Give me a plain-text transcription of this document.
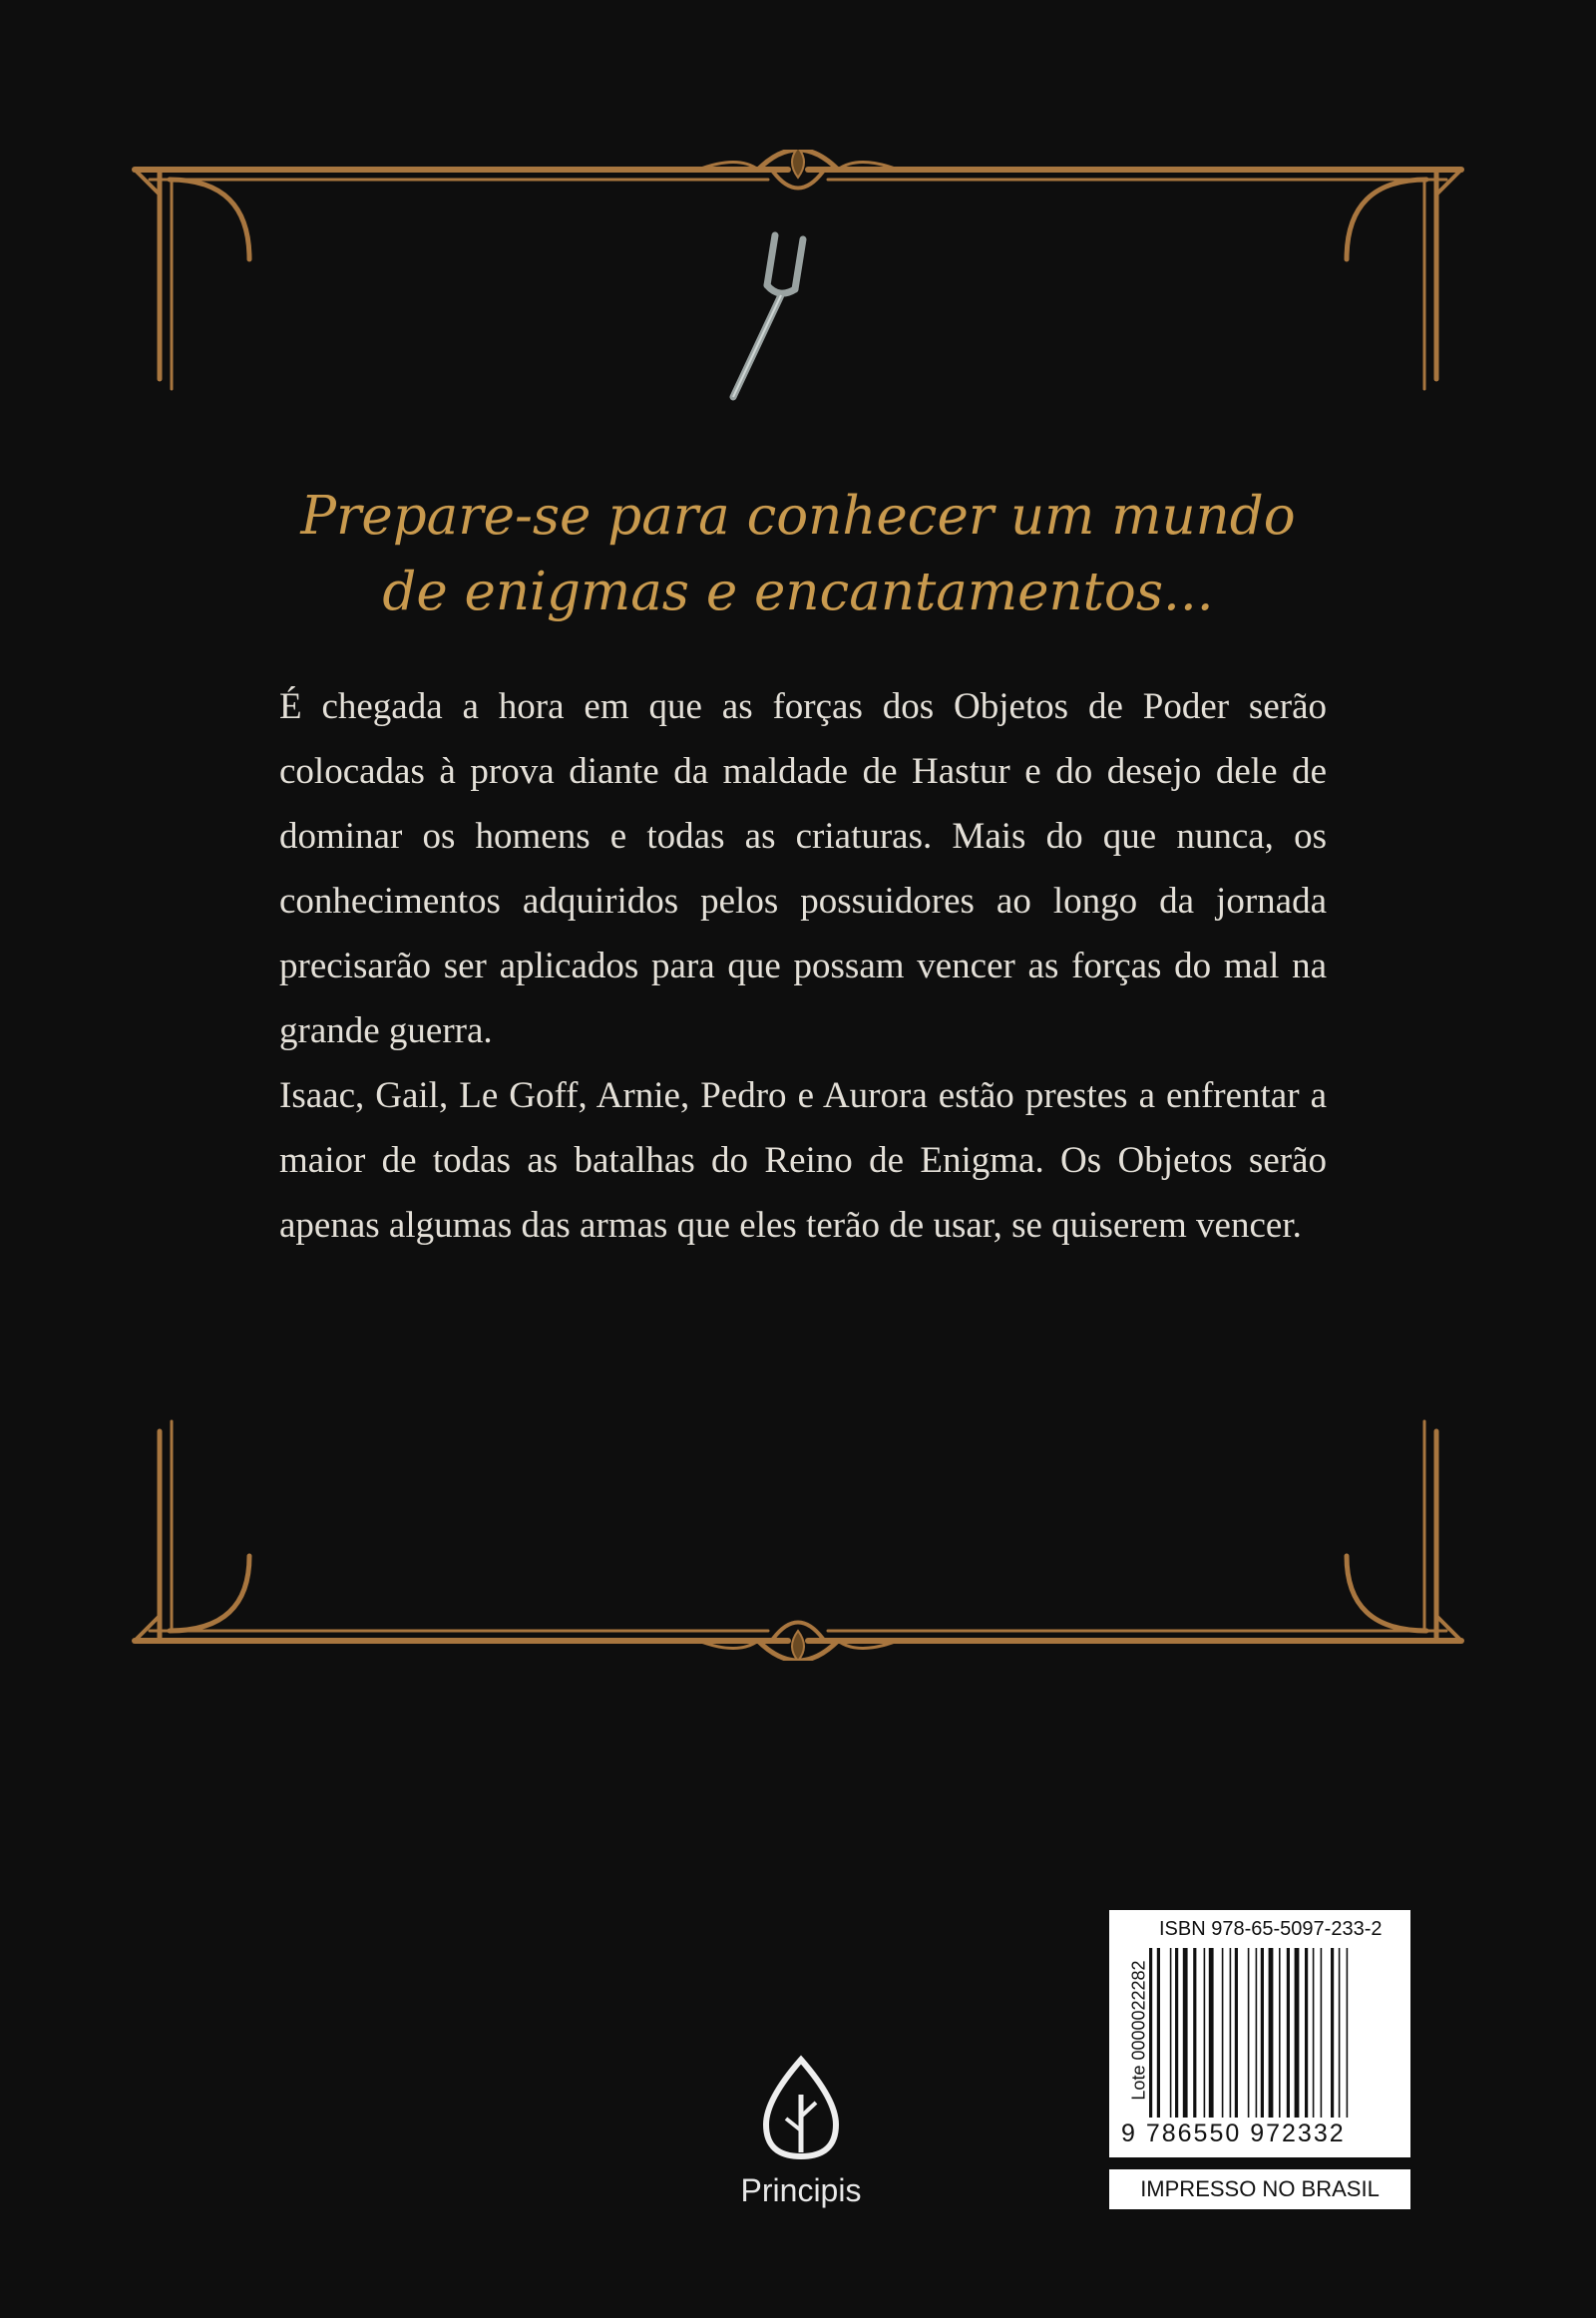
Prepare-se para conhecer um mundo
de enigmas e encantamentos...

É chegada a hora em que as forças dos Objetos de Poder serão colocadas à prova diante da maldade de Hastur e do desejo dele de dominar os homens e todas as criaturas. Mais do que nunca, os conhecimentos adquiridos pelos possuidores ao longo da jornada precisarão ser aplicados para que possam vencer as forças do mal na grande guerra.

Isaac, Gail, Le Goff, Arnie, Pedro e Aurora estão prestes a enfrentar a maior de todas as batalhas do Reino de Enigma. Os Objetos serão apenas algumas das armas que eles terão de usar, se quiserem vencer.

Principis
ISBN 978-65-5097-233-2
Lote 0000022282
9 786550 972332
IMPRESSO NO BRASIL
